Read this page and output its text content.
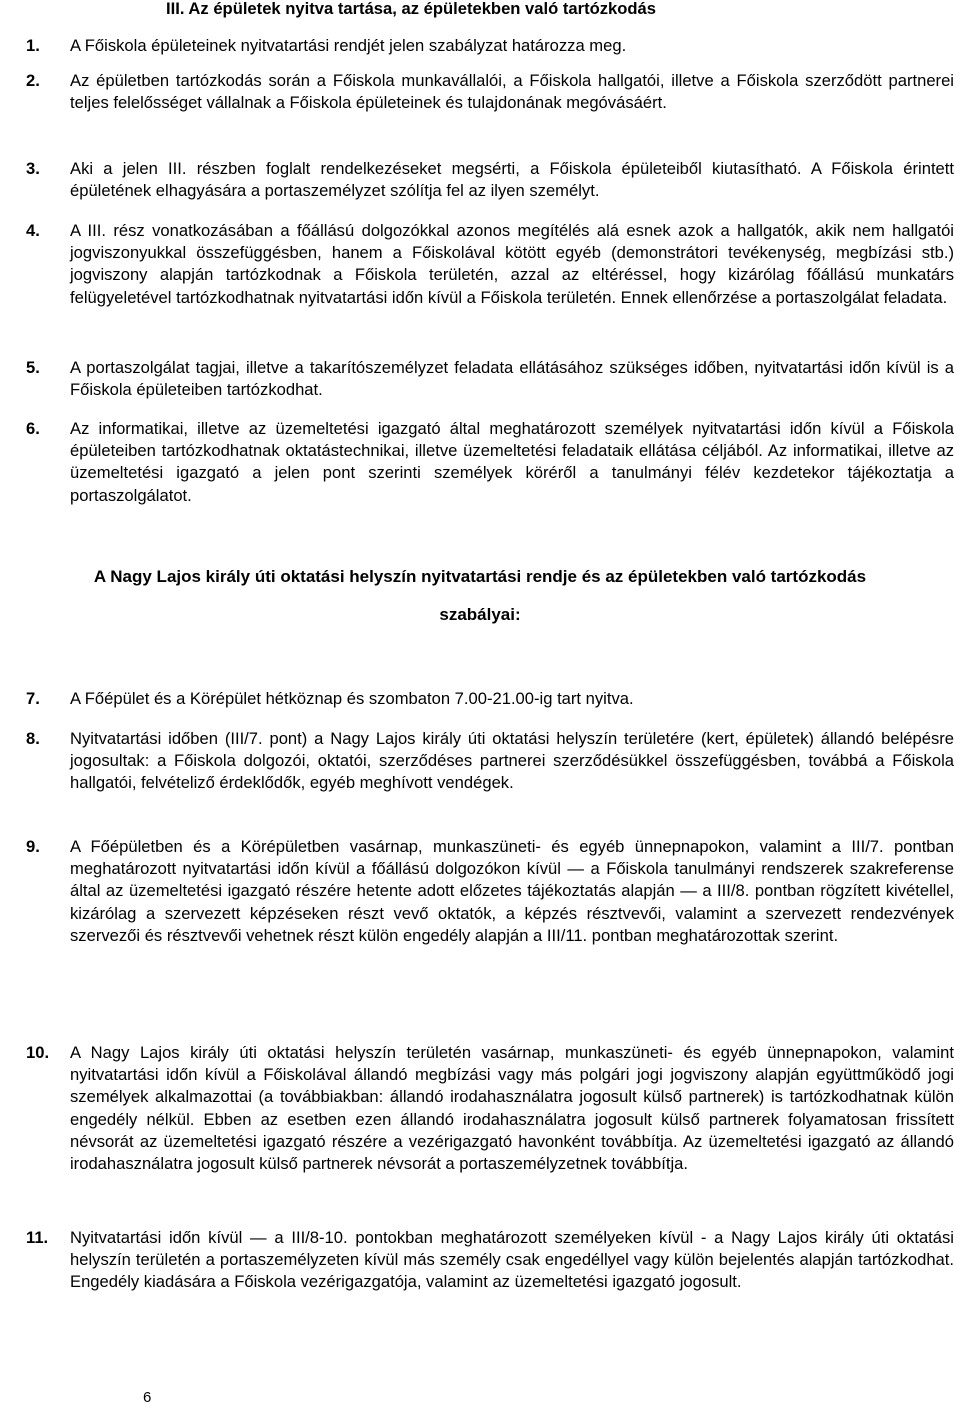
III. Az épületek nyitva tartása, az épületekben való tartózkodás
1.	A Főiskola épületeinek nyitvatartási rendjét jelen szabályzat határozza meg.
2.	Az épületben tartózkodás során a Főiskola munkavállalói, a Főiskola hallgatói, illetve a Főiskola szerződött partnerei teljes felelősséget vállalnak a Főiskola épületeinek és tulajdonának megóvásáért.
3.	Aki a jelen III. részben foglalt rendelkezéseket megsérti, a Főiskola épületeiből kiutasítható. A Főiskola érintett épületének elhagyására a portaszemélyzet szólítja fel az ilyen személyt.
4.	A III. rész vonatkozásában a főállású dolgozókkal azonos megítélés alá esnek azok a hallgatók, akik nem hallgatói jogviszonyukkal összefüggésben, hanem a Főiskolával kötött egyéb (demonstrátori tevékenység, megbízási stb.) jogviszony alapján tartózkodnak a Főiskola területén, azzal az eltéréssel, hogy kizárólag főállású munkatárs felügyeletével tartózkodhatnak nyitvatartási időn kívül a Főiskola területén. Ennek ellenőrzése a portaszolgálat feladata.
5.	A portaszolgálat tagjai, illetve a takarítószemélyzet feladata ellátásához szükséges időben, nyitvatartási időn kívül is a Főiskola épületeiben tartózkodhat.
6.	Az informatikai, illetve az üzemeltetési igazgató által meghatározott személyek nyitvatartási időn kívül a Főiskola épületeiben tartózkodhatnak oktatástechnikai, illetve üzemeltetési feladataik ellátása céljából. Az informatikai, illetve az üzemeltetési igazgató a jelen pont szerinti személyek köréről a tanulmányi félév kezdetekor tájékoztatja a portaszolgálatot.
A Nagy Lajos király úti oktatási helyszín nyitvatartási rendje és az épületekben való tartózkodás
szabályai:
7.	A Főépület és a Körépület hétköznap és szombaton 7.00-21.00-ig tart nyitva.
8.	Nyitvatartási időben (III/7. pont) a Nagy Lajos király úti oktatási helyszín területére (kert, épületek) állandó belépésre jogosultak: a Főiskola dolgozói, oktatói, szerződéses partnerei szerződésükkel összefüggésben, továbbá a Főiskola hallgatói, felvételiző érdeklődők, egyéb meghívott vendégek.
9.	A Főépületben és a Körépületben vasárnap, munkaszüneti- és egyéb ünnepnapokon, valamint a III/7. pontban meghatározott nyitvatartási időn kívül a főállású dolgozókon kívül — a Főiskola tanulmányi rendszerek szakreferense által az üzemeltetési igazgató részére hetente adott előzetes tájékoztatás alapján — a III/8. pontban rögzített kivétellel, kizárólag a szervezett képzéseken részt vevő oktatók, a képzés résztvevői, valamint a szervezett rendezvények szervezői és résztvevői vehetnek részt külön engedély alapján a III/11. pontban meghatározottak szerint.
10.	A Nagy Lajos király úti oktatási helyszín területén vasárnap, munkaszüneti- és egyéb ünnepnapokon, valamint nyitvatartási időn kívül a Főiskolával állandó megbízási vagy más polgári jogi jogviszony alapján együttműködő jogi személyek alkalmazottai (a továbbiakban: állandó irodahasználatra jogosult külső partnerek) is tartózkodhatnak külön engedély nélkül. Ebben az esetben ezen állandó irodahasználatra jogosult külső partnerek folyamatosan frissített névsorát az üzemeltetési igazgató részére a vezérigazgató havonként továbbítja. Az üzemeltetési igazgató az állandó irodahasználatra jogosult külső partnerek névsorát a portaszemélyzetnek továbbítja.
11.	Nyitvatartási időn kívül — a III/8-10. pontokban meghatározott személyeken kívül - a Nagy Lajos király úti oktatási helyszín területén a portaszemélyzeten kívül más személy csak engedéllyel vagy külön bejelentés alapján tartózkodhat. Engedély kiadására a Főiskola vezérigazgatója, valamint az üzemeltetési igazgató jogosult.
6
